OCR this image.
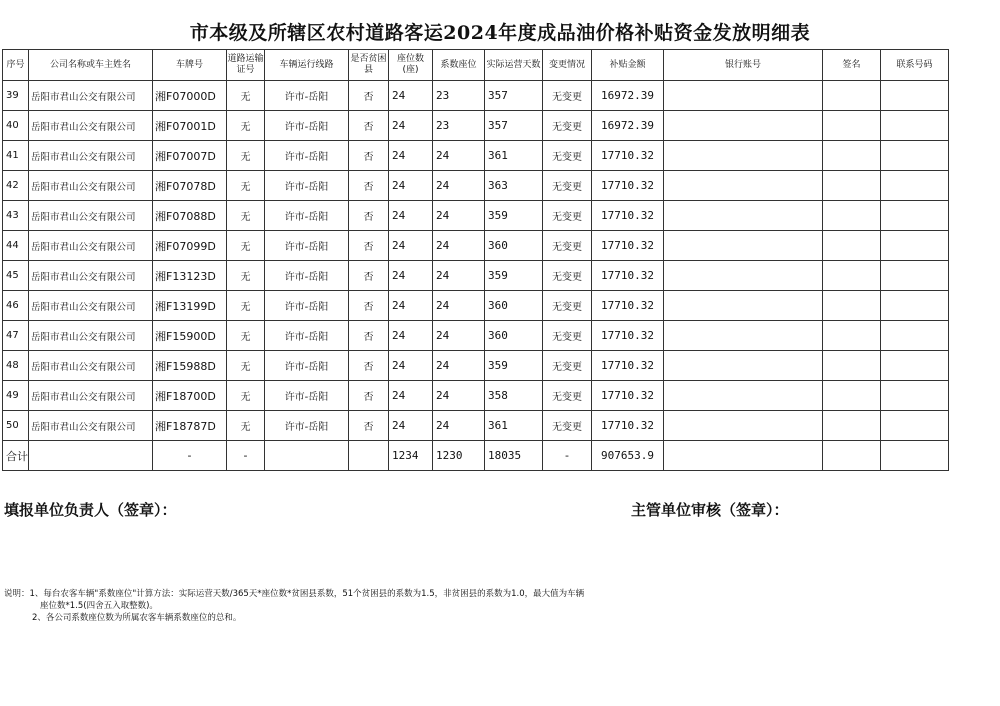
市本级及所辖区农村道路客运2024年度成品油价格补贴资金发放明细表
序号	公司名称或车主姓名	车牌号	道路运输证号	车辆运行线路	是否贫困县	座位数(座)	系数座位	实际运营天数	变更情况	补贴金额	银行账号	签名	联系号码
39	岳阳市君山公交有限公司	湘F07000D	无	许市-岳阳	否	24	23	357	无变更	16972.39			
40	岳阳市君山公交有限公司	湘F07001D	无	许市-岳阳	否	24	23	357	无变更	16972.39			
41	岳阳市君山公交有限公司	湘F07007D	无	许市-岳阳	否	24	24	361	无变更	17710.32			
42	岳阳市君山公交有限公司	湘F07078D	无	许市-岳阳	否	24	24	363	无变更	17710.32			
43	岳阳市君山公交有限公司	湘F07088D	无	许市-岳阳	否	24	24	359	无变更	17710.32			
44	岳阳市君山公交有限公司	湘F07099D	无	许市-岳阳	否	24	24	360	无变更	17710.32			
45	岳阳市君山公交有限公司	湘F13123D	无	许市-岳阳	否	24	24	359	无变更	17710.32			
46	岳阳市君山公交有限公司	湘F13199D	无	许市-岳阳	否	24	24	360	无变更	17710.32			
47	岳阳市君山公交有限公司	湘F15900D	无	许市-岳阳	否	24	24	360	无变更	17710.32			
48	岳阳市君山公交有限公司	湘F15988D	无	许市-岳阳	否	24	24	359	无变更	17710.32			
49	岳阳市君山公交有限公司	湘F18700D	无	许市-岳阳	否	24	24	358	无变更	17710.32			
50	岳阳市君山公交有限公司	湘F18787D	无	许市-岳阳	否	24	24	361	无变更	17710.32			
合计		-	-			1234	1230	18035	-	907653.9			
填报单位负责人（签章）：	主管单位审核（签章）：
说明：1、每台农客车辆"系数座位"计算方法：实际运营天数/365天*座位数*贫困县系数，51个贫困县的系数为1.5，非贫困县的系数为1.0，最大值为车辆
座位数*1.5(四舍五入取整数)。
2、各公司系数座位数为所属农客车辆系数座位的总和。
